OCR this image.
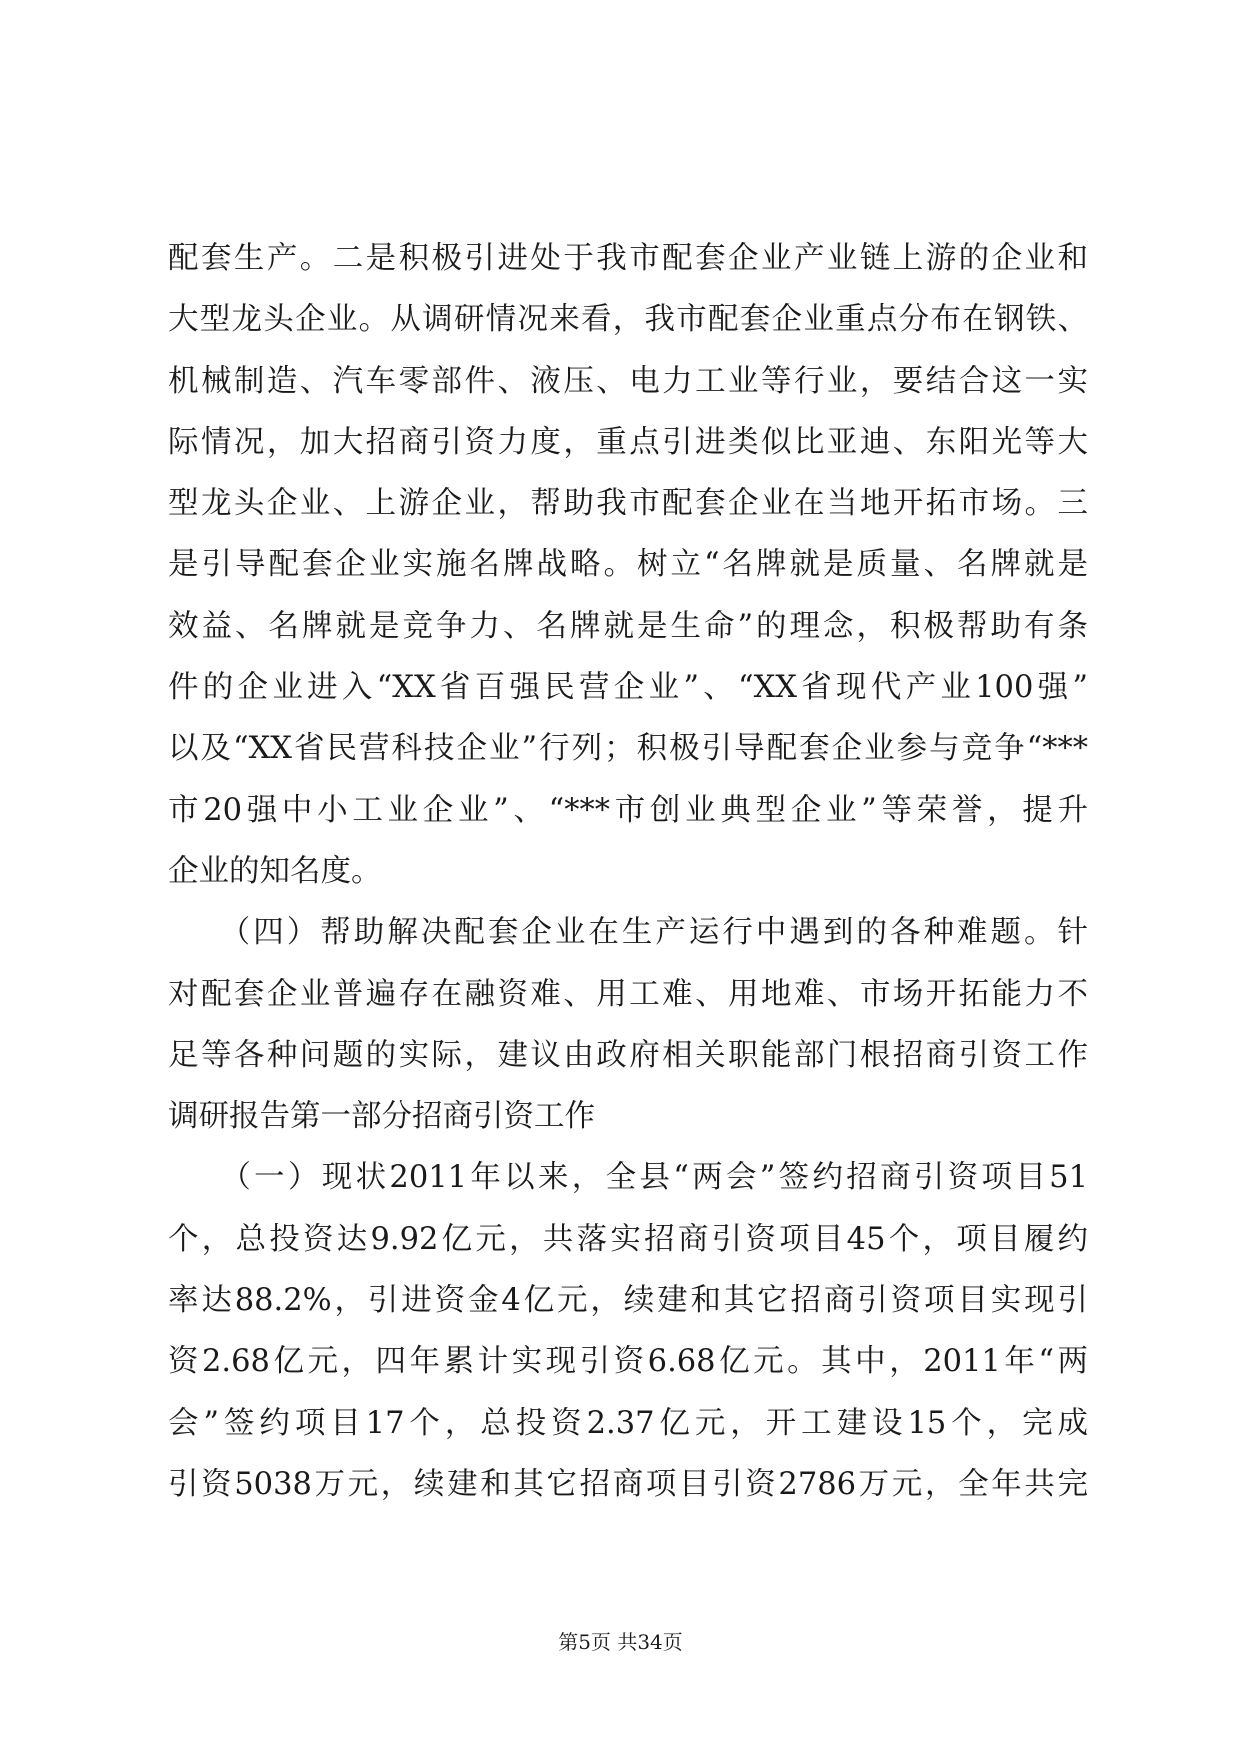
配套生产。二是积极引进处于我市配套企业产业链上游的企业和
大型龙头企业。从调研情况来看，我市配套企业重点分布在钢铁、
机械制造、汽车零部件、液压、电力工业等行业，要结合这一实
际情况，加大招商引资力度，重点引进类似比亚迪、东阳光等大
型龙头企业、上游企业，帮助我市配套企业在当地开拓市场。三
是引导配套企业实施名牌战略。树立“名牌就是质量、名牌就是
效益、名牌就是竞争力、名牌就是生命”的理念，积极帮助有条
件的企业进入“XX省百强民营企业”、“XX省现代产业100强”
以及“XX省民营科技企业”行列；积极引导配套企业参与竞争“***
市20强中小工业企业”、“***市创业典型企业”等荣誉，提升
企业的知名度。
　　（四）帮助解决配套企业在生产运行中遇到的各种难题。针
对配套企业普遍存在融资难、用工难、用地难、市场开拓能力不
足等各种问题的实际，建议由政府相关职能部门根招商引资工作
调研报告第一部分招商引资工作
　　（一）现状2011年以来，全县“两会”签约招商引资项目51
个，总投资达9.92亿元，共落实招商引资项目45个，项目履约
率达88.2%，引进资金4亿元，续建和其它招商引资项目实现引
资2.68亿元，四年累计实现引资6.68亿元。其中，2011年“两
会”签约项目17个，总投资2.37亿元，开工建设15个，完成
引资5038万元，续建和其它招商项目引资2786万元，全年共完
第5页 共34页
